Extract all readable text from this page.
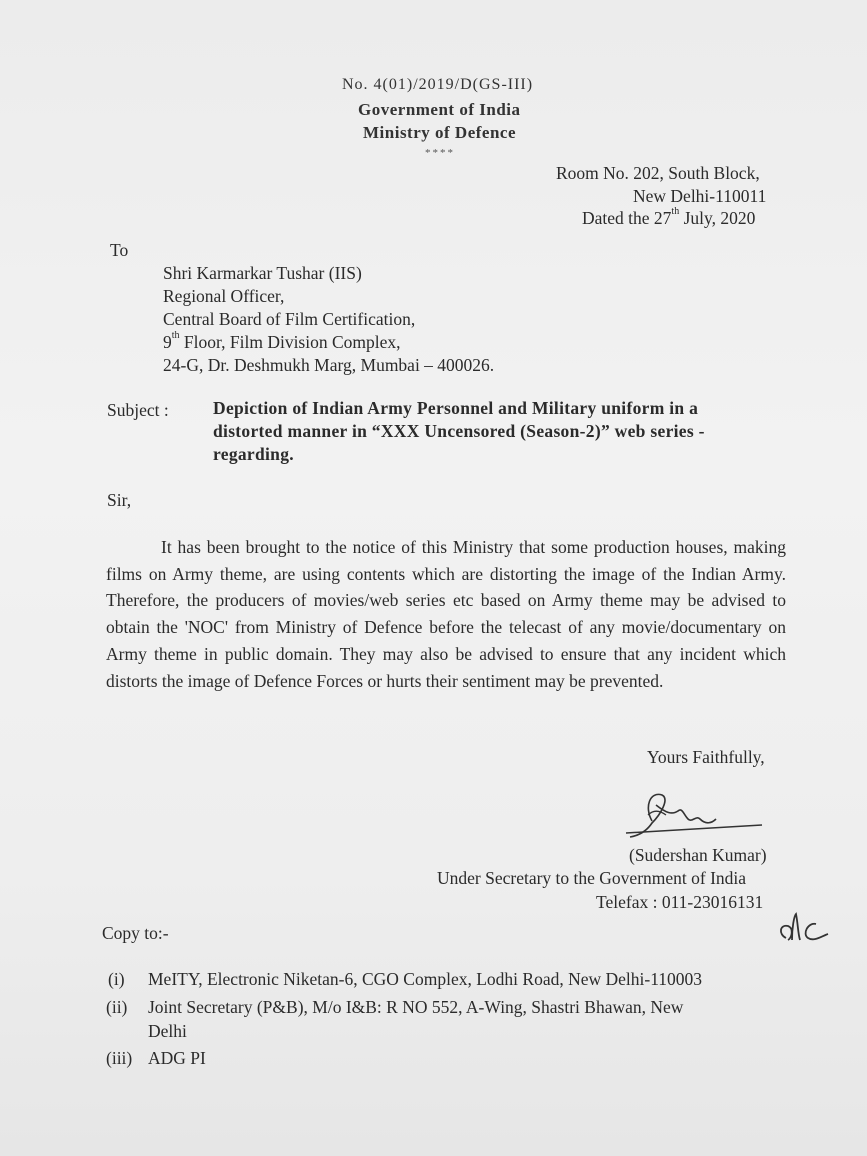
No. 4(01)/2019/D(GS-III)
Government of India
Ministry of Defence
****
Room No. 202, South Block,
New Delhi-110011
Dated the 27th July, 2020
To
Shri Karmarkar Tushar (IIS)
Regional Officer,
Central Board of Film Certification,
9th Floor, Film Division Complex,
24-G, Dr. Deshmukh Marg, Mumbai – 400026.
Subject :	Depiction of Indian Army Personnel and Military uniform in a
distorted manner in “XXX Uncensored (Season-2)” web series -
regarding.
Sir,
It has been brought to the notice of this Ministry that some production houses, making films on Army theme, are using contents which are distorting the image of the Indian Army. Therefore, the producers of movies/web series etc based on Army theme may be advised to obtain the 'NOC' from Ministry of Defence before the telecast of any movie/documentary on Army theme in public domain. They may also be advised to ensure that any incident which distorts the image of Defence Forces or hurts their sentiment may be prevented.
Yours Faithfully,
(Sudershan Kumar)
Under Secretary to the Government of India
Telefax : 011-23016131
Copy to:-
(i) MeITY, Electronic Niketan-6, CGO Complex, Lodhi Road, New Delhi-110003
(ii) Joint Secretary (P&B), M/o I&B: R NO 552, A-Wing, Shastri Bhawan, New
Delhi
(iii) ADG PI
